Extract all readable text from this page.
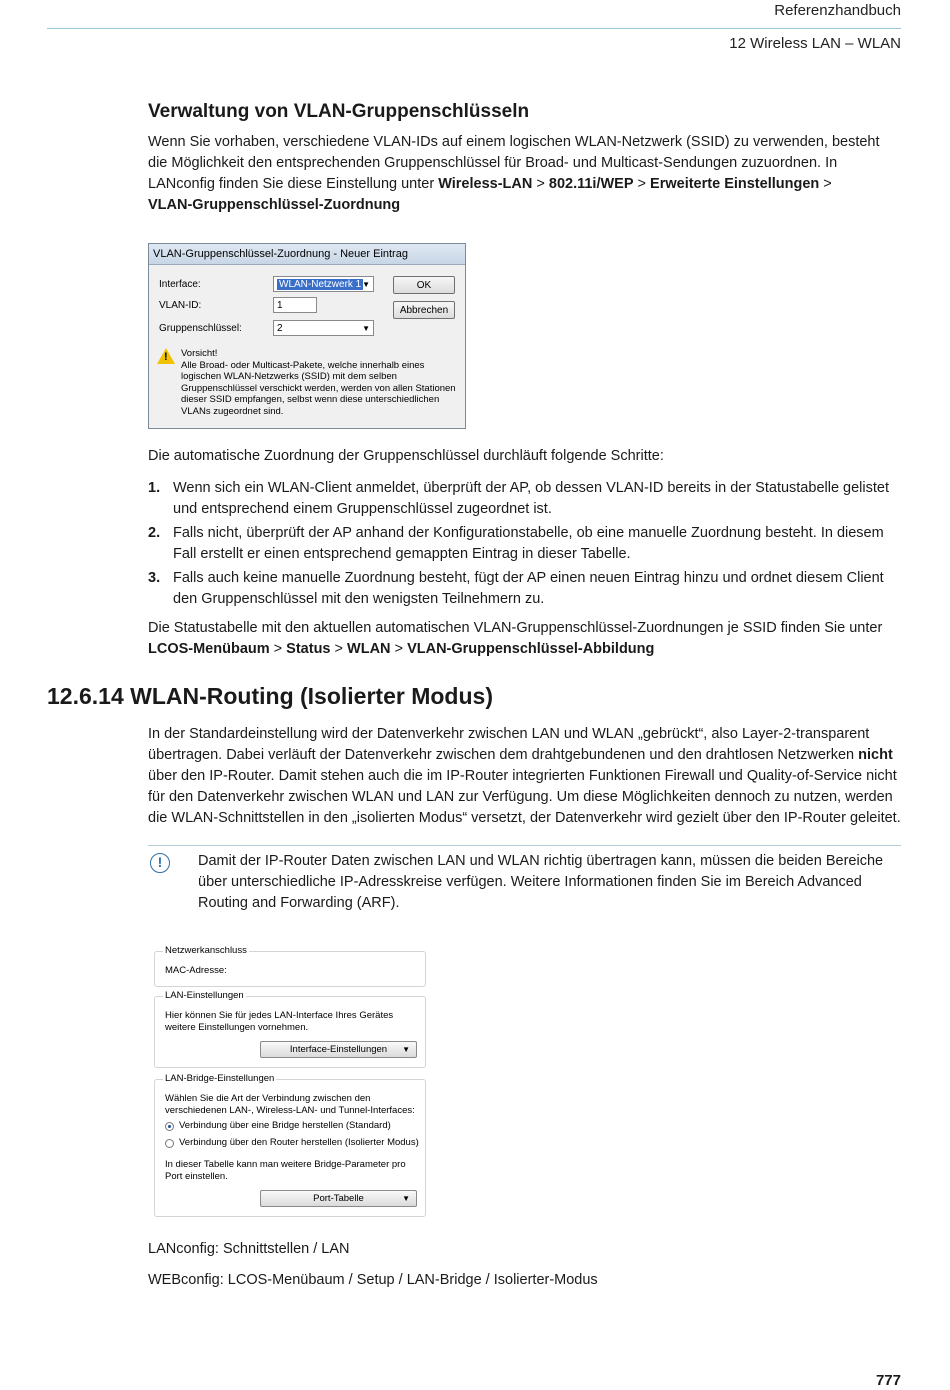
Referenzhandbuch
12 Wireless LAN – WLAN

Verwaltung von VLAN-Gruppenschlüsseln

Wenn Sie vorhaben, verschiedene VLAN-IDs auf einem logischen WLAN-Netzwerk (SSID) zu verwenden, besteht die Möglichkeit den entsprechenden Gruppenschlüssel für Broad- und Multicast-Sendungen zuzuordnen. In LANconfig finden Sie diese Einstellung unter Wireless-LAN > 802.11i/WEP > Erweiterte Einstellungen >
VLAN-Gruppenschlüssel-Zuordnung

VLAN-Gruppenschlüssel-Zuordnung - Neuer Eintrag
Interface:	WLAN-Netzwerk 1 ▼
VLAN-ID:	1
Gruppenschlüssel:	2	▼
OK
Abbrechen
! Vorsicht!
Alle Broad- oder Multicast-Pakete, welche innerhalb eines logischen WLAN-Netzwerks (SSID) mit dem selben Gruppenschlüssel verschickt werden, werden von allen Stationen dieser SSID empfangen, selbst wenn diese unterschiedlichen VLANs zugeordnet sind.

Die automatische Zuordnung der Gruppenschlüssel durchläuft folgende Schritte:

1. Wenn sich ein WLAN-Client anmeldet, überprüft der AP, ob dessen VLAN-ID bereits in der Statustabelle gelistet und entsprechend einem Gruppenschlüssel zugeordnet ist.
2. Falls nicht, überprüft der AP anhand der Konfigurationstabelle, ob eine manuelle Zuordnung besteht. In diesem Fall erstellt er einen entsprechend gemappten Eintrag in dieser Tabelle.
3. Falls auch keine manuelle Zuordnung besteht, fügt der AP einen neuen Eintrag hinzu und ordnet diesem Client den Gruppenschlüssel mit den wenigsten Teilnehmern zu.

Die Statustabelle mit den aktuellen automatischen VLAN-Gruppenschlüssel-Zuordnungen je SSID finden Sie unter
LCOS-Menübaum > Status > WLAN > VLAN-Gruppenschlüssel-Abbildung

12.6.14 WLAN-Routing (Isolierter Modus)

In der Standardeinstellung wird der Datenverkehr zwischen LAN und WLAN „gebrückt“, also Layer-2-transparent übertragen. Dabei verläuft der Datenverkehr zwischen dem drahtgebundenen und den drahtlosen Netzwerken nicht über den IP-Router. Damit stehen auch die im IP-Router integrierten Funktionen Firewall und Quality-of-Service nicht für den Datenverkehr zwischen WLAN und LAN zur Verfügung. Um diese Möglichkeiten dennoch zu nutzen, werden die WLAN-Schnittstellen in den „isolierten Modus“ versetzt, der Datenverkehr wird gezielt über den IP-Router geleitet.

!	Damit der IP-Router Daten zwischen LAN und WLAN richtig übertragen kann, müssen die beiden Bereiche über unterschiedliche IP-Adresskreise verfügen. Weitere Informationen finden Sie im Bereich Advanced Routing and Forwarding (ARF).

Netzwerkanschluss
MAC-Adresse:
LAN-Einstellungen
Hier können Sie für jedes LAN-Interface Ihres Gerätes weitere Einstellungen vornehmen.
Interface-Einstellungen ▼
LAN-Bridge-Einstellungen
Wählen Sie die Art der Verbindung zwischen den verschiedenen LAN-, Wireless-LAN- und Tunnel-Interfaces:
Verbindung über eine Bridge herstellen (Standard)
Verbindung über den Router herstellen (Isolierter Modus)
In dieser Tabelle kann man weitere Bridge-Parameter pro Port einstellen.
Port-Tabelle	▼

LANconfig: Schnittstellen / LAN

WEBconfig: LCOS-Menübaum / Setup / LAN-Bridge / Isolierter-Modus

777
